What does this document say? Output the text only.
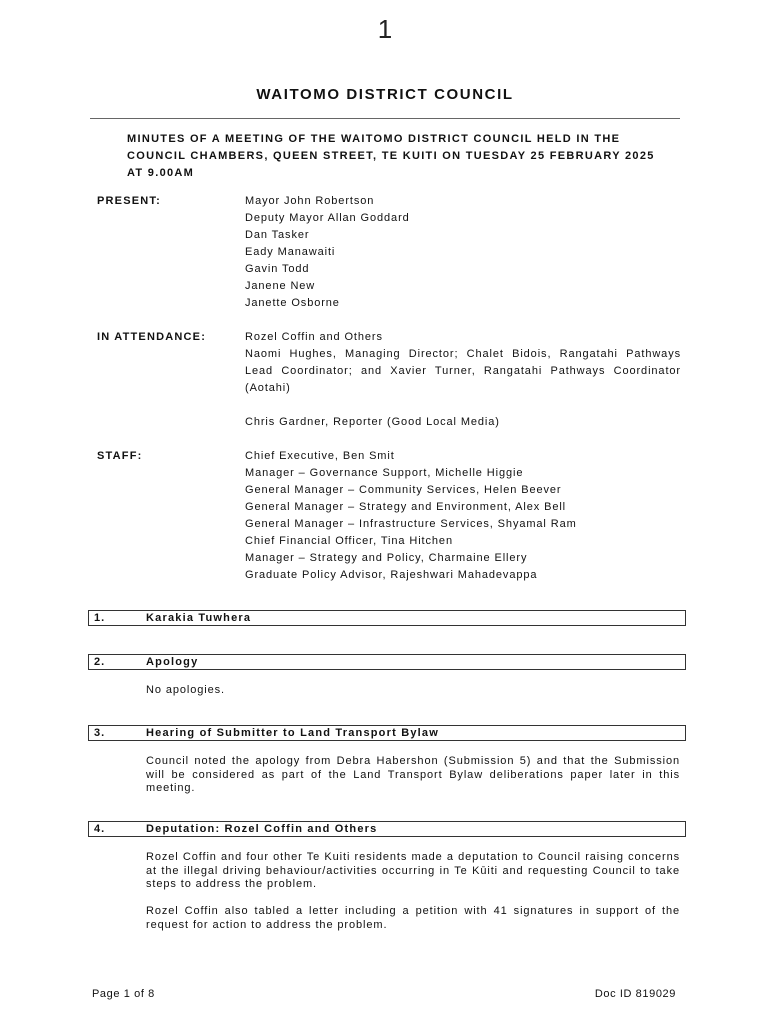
1
WAITOMO DISTRICT COUNCIL
MINUTES OF A MEETING OF THE WAITOMO DISTRICT COUNCIL HELD IN THE COUNCIL CHAMBERS, QUEEN STREET, TE KUITI ON TUESDAY 25 FEBRUARY 2025 AT 9.00AM
PRESENT:	Mayor John Robertson
Deputy Mayor Allan Goddard
Dan Tasker
Eady Manawaiti
Gavin Todd
Janene New
Janette Osborne
IN ATTENDANCE:	Rozel Coffin and Others
Naomi Hughes, Managing Director; Chalet Bidois, Rangatahi Pathways Lead Coordinator; and Xavier Turner, Rangatahi Pathways Coordinator (Aotahi)
Chris Gardner, Reporter (Good Local Media)
STAFF:	Chief Executive, Ben Smit
Manager – Governance Support, Michelle Higgie
General Manager – Community Services, Helen Beever
General Manager – Strategy and Environment, Alex Bell
General Manager – Infrastructure Services, Shyamal Ram
Chief Financial Officer, Tina Hitchen
Manager – Strategy and Policy, Charmaine Ellery
Graduate Policy Advisor, Rajeshwari Mahadevappa
1.	Karakia Tuwhera
2.	Apology
No apologies.
3.	Hearing of Submitter to Land Transport Bylaw
Council noted the apology from Debra Habershon (Submission 5) and that the Submission will be considered as part of the Land Transport Bylaw deliberations paper later in this meeting.
4.	Deputation: Rozel Coffin and Others
Rozel Coffin and four other Te Kuiti residents made a deputation to Council raising concerns at the illegal driving behaviour/activities occurring in Te Kūiti and requesting Council to take steps to address the problem.
Rozel Coffin also tabled a letter including a petition with 41 signatures in support of the request for action to address the problem.
Page 1 of 8	Doc ID 819029
